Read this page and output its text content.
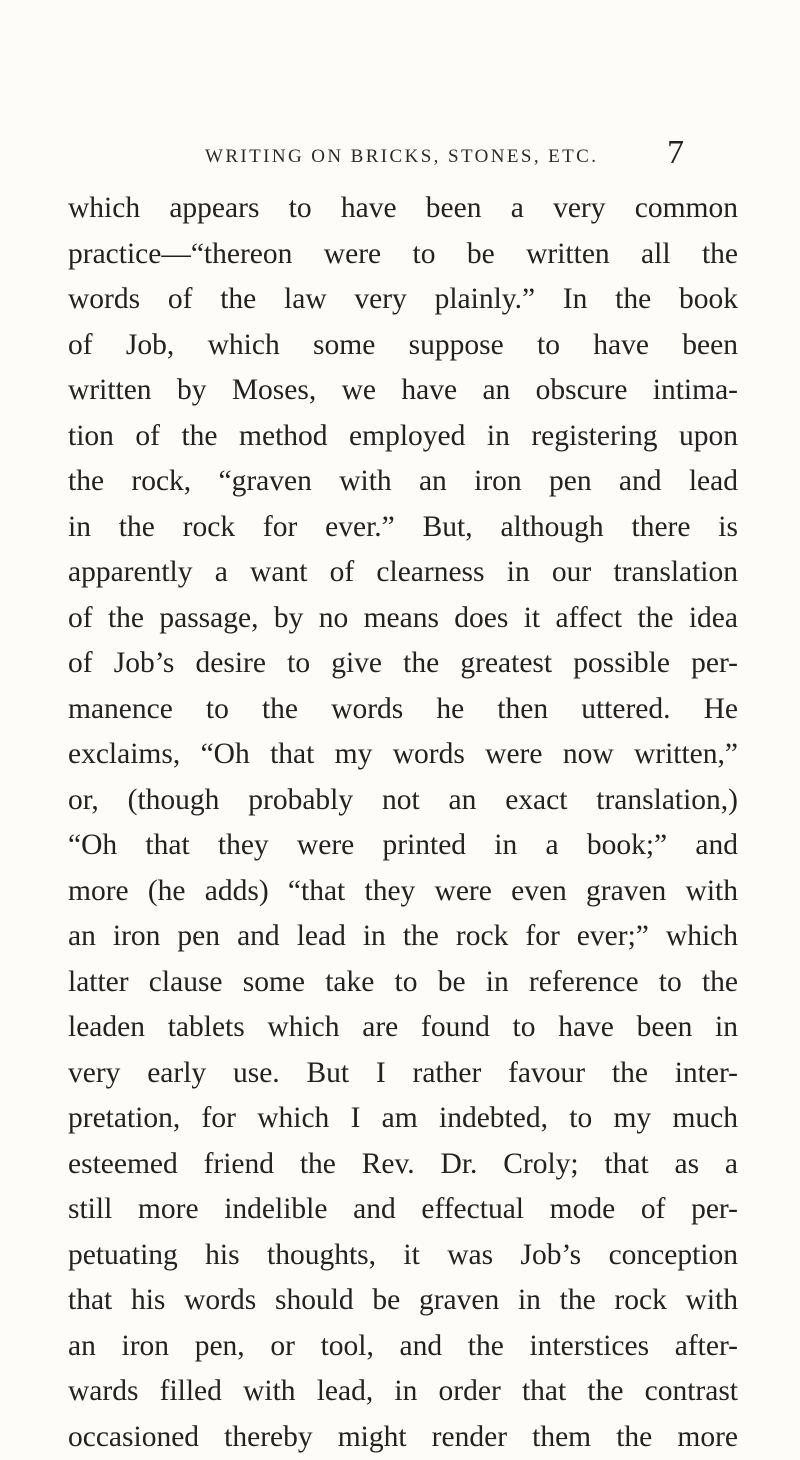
WRITING ON BRICKS, STONES, ETC. 7
which appears to have been a very common
practice—“thereon were to be written all the
words of the law very plainly.” In the book
of Job, which some suppose to have been
written by Moses, we have an obscure intima-
tion of the method employed in registering upon
the rock, “graven with an iron pen and lead
in the rock for ever.” But, although there is
apparently a want of clearness in our translation
of the passage, by no means does it affect the idea
of Job’s desire to give the greatest possible per-
manence to the words he then uttered. He
exclaims, “Oh that my words were now written,”
or, (though probably not an exact translation,)
“Oh that they were printed in a book;” and
more (he adds) “that they were even graven with
an iron pen and lead in the rock for ever;” which
latter clause some take to be in reference to the
leaden tablets which are found to have been in
very early use. But I rather favour the inter-
pretation, for which I am indebted, to my much
esteemed friend the Rev. Dr. Croly; that as a
still more indelible and effectual mode of per-
petuating his thoughts, it was Job’s conception
that his words should be graven in the rock with
an iron pen, or tool, and the interstices after-
wards filled with lead, in order that the contrast
occasioned thereby might render them the more
